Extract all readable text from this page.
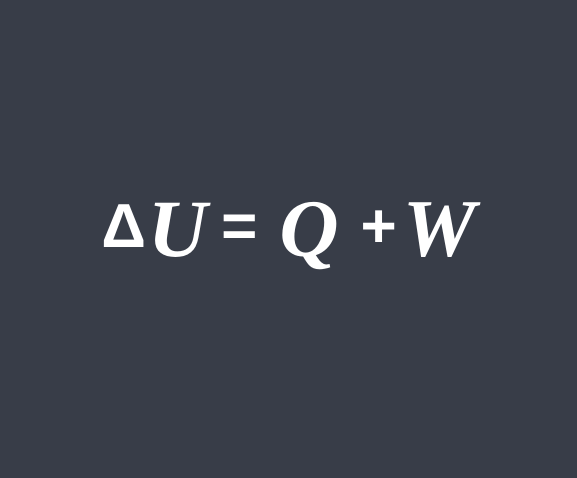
Δ U = Q + W
